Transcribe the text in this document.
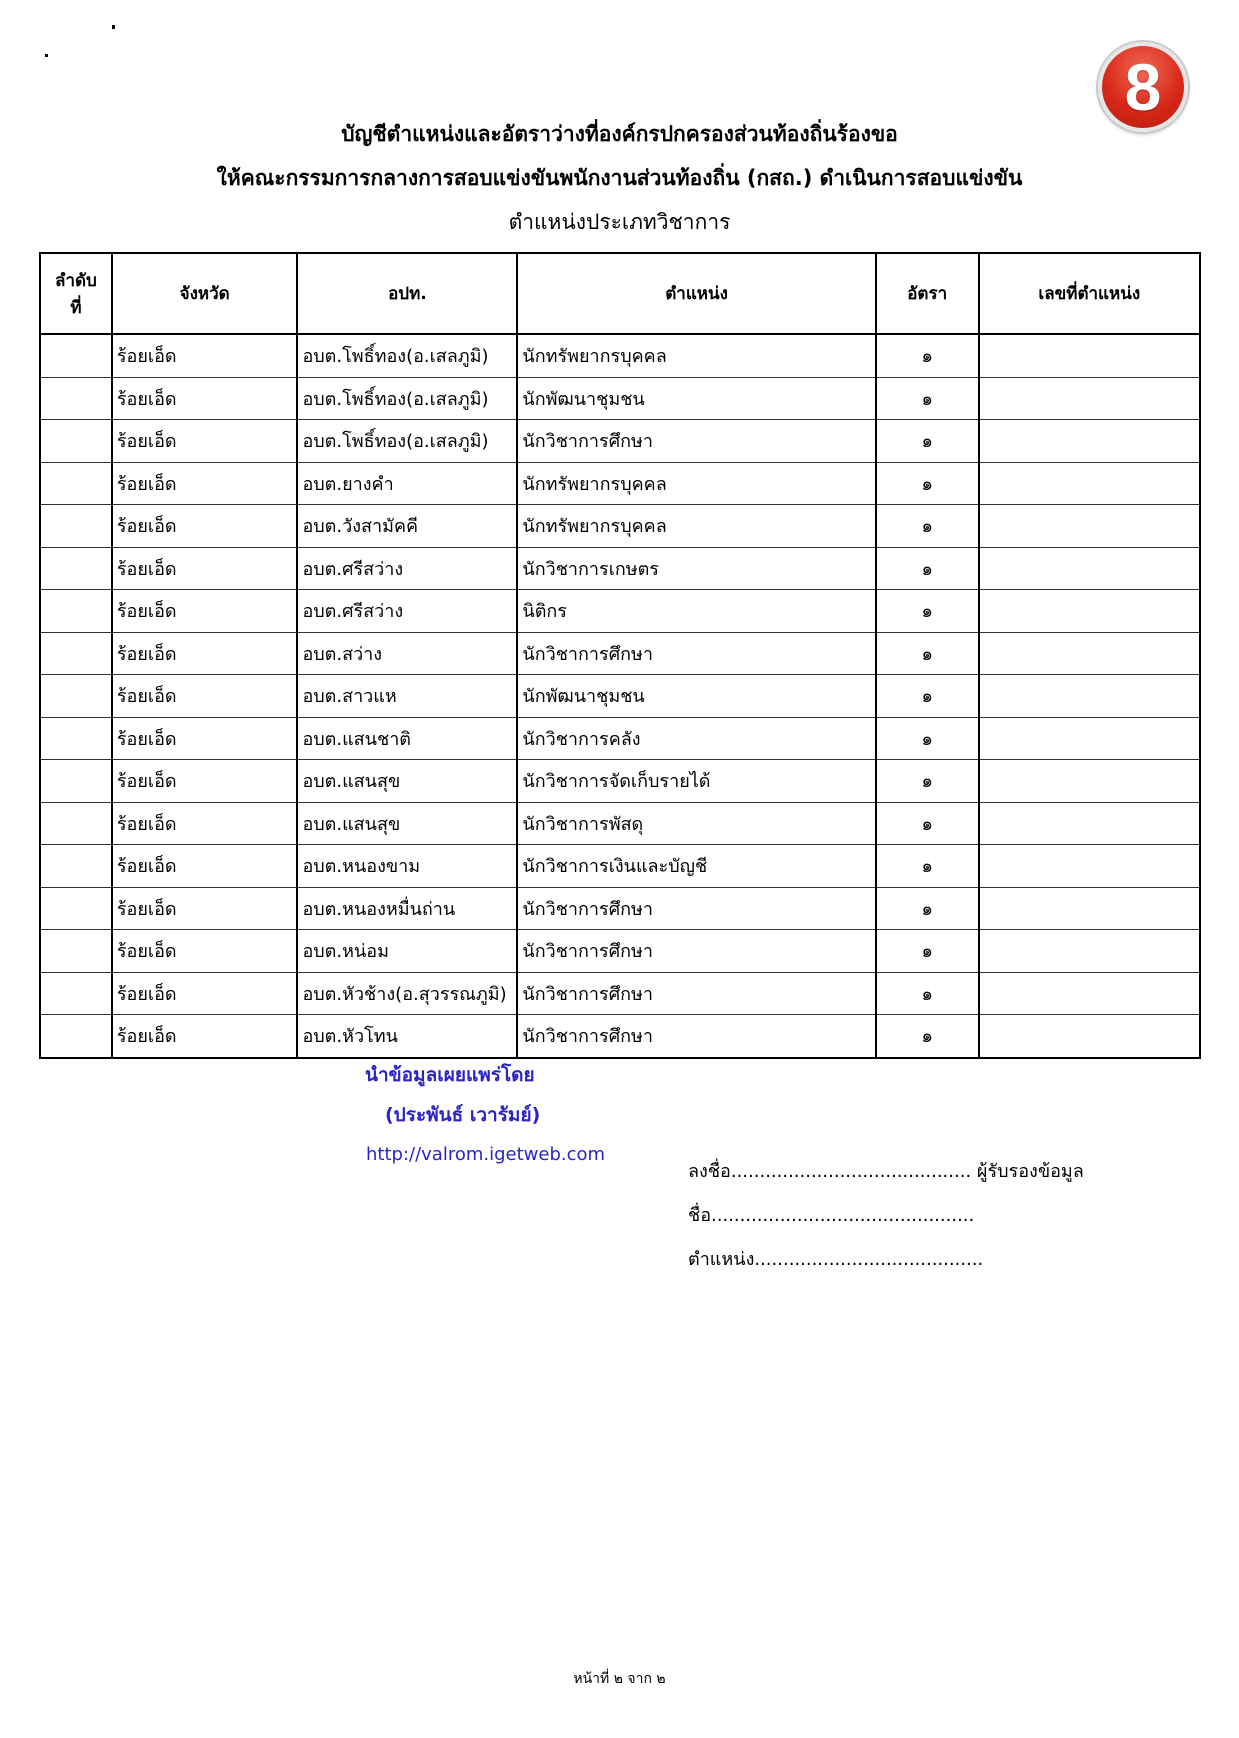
8
บัญชีตำแหน่งและอัตราว่างที่องค์กรปกครองส่วนท้องถิ่นร้องขอ
ให้คณะกรรมการกลางการสอบแข่งขันพนักงานส่วนท้องถิ่น (กสถ.) ดำเนินการสอบแข่งขัน
ตำแหน่งประเภทวิชาการ
ลำดับ
ที่	จังหวัด	อปท.	ตำแหน่ง	อัตรา	เลขที่ตำแหน่ง
	ร้อยเอ็ด	อบต.โพธิ์ทอง(อ.เสลภูมิ)	นักทรัพยากรบุคคล	๑	
	ร้อยเอ็ด	อบต.โพธิ์ทอง(อ.เสลภูมิ)	นักพัฒนาชุมชน	๑	
	ร้อยเอ็ด	อบต.โพธิ์ทอง(อ.เสลภูมิ)	นักวิชาการศึกษา	๑	
	ร้อยเอ็ด	อบต.ยางคำ	นักทรัพยากรบุคคล	๑	
	ร้อยเอ็ด	อบต.วังสามัคคี	นักทรัพยากรบุคคล	๑	
	ร้อยเอ็ด	อบต.ศรีสว่าง	นักวิชาการเกษตร	๑	
	ร้อยเอ็ด	อบต.ศรีสว่าง	นิติกร	๑	
	ร้อยเอ็ด	อบต.สว่าง	นักวิชาการศึกษา	๑	
	ร้อยเอ็ด	อบต.สาวแห	นักพัฒนาชุมชน	๑	
	ร้อยเอ็ด	อบต.แสนชาติ	นักวิชาการคลัง	๑	
	ร้อยเอ็ด	อบต.แสนสุข	นักวิชาการจัดเก็บรายได้	๑	
	ร้อยเอ็ด	อบต.แสนสุข	นักวิชาการพัสดุ	๑	
	ร้อยเอ็ด	อบต.หนองขาม	นักวิชาการเงินและบัญชี	๑	
	ร้อยเอ็ด	อบต.หนองหมื่นถ่าน	นักวิชาการศึกษา	๑	
	ร้อยเอ็ด	อบต.หน่อม	นักวิชาการศึกษา	๑	
	ร้อยเอ็ด	อบต.หัวช้าง(อ.สุวรรณภูมิ)	นักวิชาการศึกษา	๑	
	ร้อยเอ็ด	อบต.หัวโทน	นักวิชาการศึกษา	๑	
นำข้อมูลเผยแพร่โดย
(ประพันธ์ เวารัมย์)
http://valrom.igetweb.com
ลงชื่อ.......................................... ผู้รับรองข้อมูล
ชื่อ..............................................
ตำแหน่ง........................................
หน้าที่ ๒ จาก ๒
